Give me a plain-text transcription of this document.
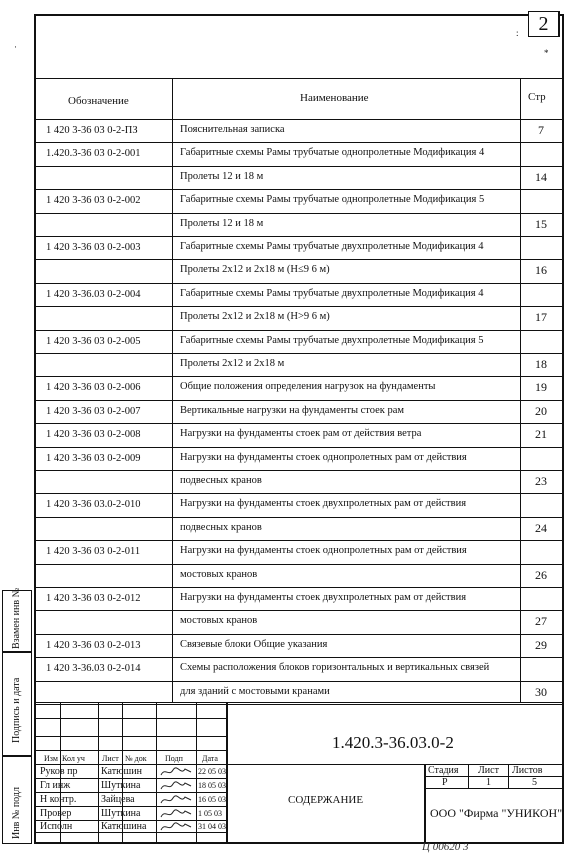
2
Обозначение	Наименование	Стр
1 420 3-36 03 0-2-ПЗ	Пояснительная записка	7
1.420.3-36 03 0-2-001	Габаритные схемы Рамы трубчатые однопролетные Модификация 4
Пролеты 12 и 18 м	14
1 420 3-36 03 0-2-002	Габаритные схемы Рамы трубчатые однопролетные Модификация 5
Пролеты 12 и 18 м	15
1 420 3-36 03 0-2-003	Габаритные схемы Рамы трубчатые двухпролетные Модификация 4
Пролеты 2х12 и 2х18 м (Н≤9 6 м)	16
1 420 3-36.03 0-2-004	Габаритные схемы Рамы трубчатые двухпролетные Модификация 4
Пролеты 2х12 и 2х18 м (Н>9 6 м)	17
1 420 3-36 03 0-2-005	Габаритные схемы Рамы трубчатые двухпролетные Модификация 5
Пролеты 2х12 и 2х18 м	18
1 420 3-36 03 0-2-006	Общие положения определения нагрузок на фундаменты	19
1 420 3-36 03 0-2-007	Вертикальные нагрузки на фундаменты стоек рам	20
1 420 3-36 03 0-2-008	Нагрузки на фундаменты стоек рам от действия ветра	21
1 420 3-36 03 0-2-009	Нагрузки на фундаменты стоек однопролетных рам от действия
подвесных кранов	23
1 420 3-36 03.0-2-010	Нагрузки на фундаменты стоек двухпролетных рам от действия
подвесных кранов	24
1 420 3-36 03 0-2-011	Нагрузки на фундаменты стоек однопролетных рам от действия
мостовых кранов	26
1 420 3-36 03 0-2-012	Нагрузки на фундаменты стоек двухпролетных рам от действия
мостовых кранов	27
1 420 3-36 03 0-2-013	Связевые блоки Общие указания	29
1 420 3-36.03 0-2-014	Схемы расположения блоков горизонтальных и вертикальных связей
для зданий с мостовыми кранами	30
Взамен инв №
Подпись и дата
Инв № подл
Изм Кол уч Лист № док Подп Дата
Руков пр Катюшин	22 05 03
Гл инж	Шуткина	18 05 03
Н контр. Зайцева	16 05 03
Провер	Шуткина	1 05 03
Исполн	Катюшина	31 04 03
1.420.3-36.03.0-2
СОДЕРЖАНИЕ
Стадия Лист Листов
Р	1	5
ООО "Фирма "УНИКОН"
Ц 00620 3
·
:
*
